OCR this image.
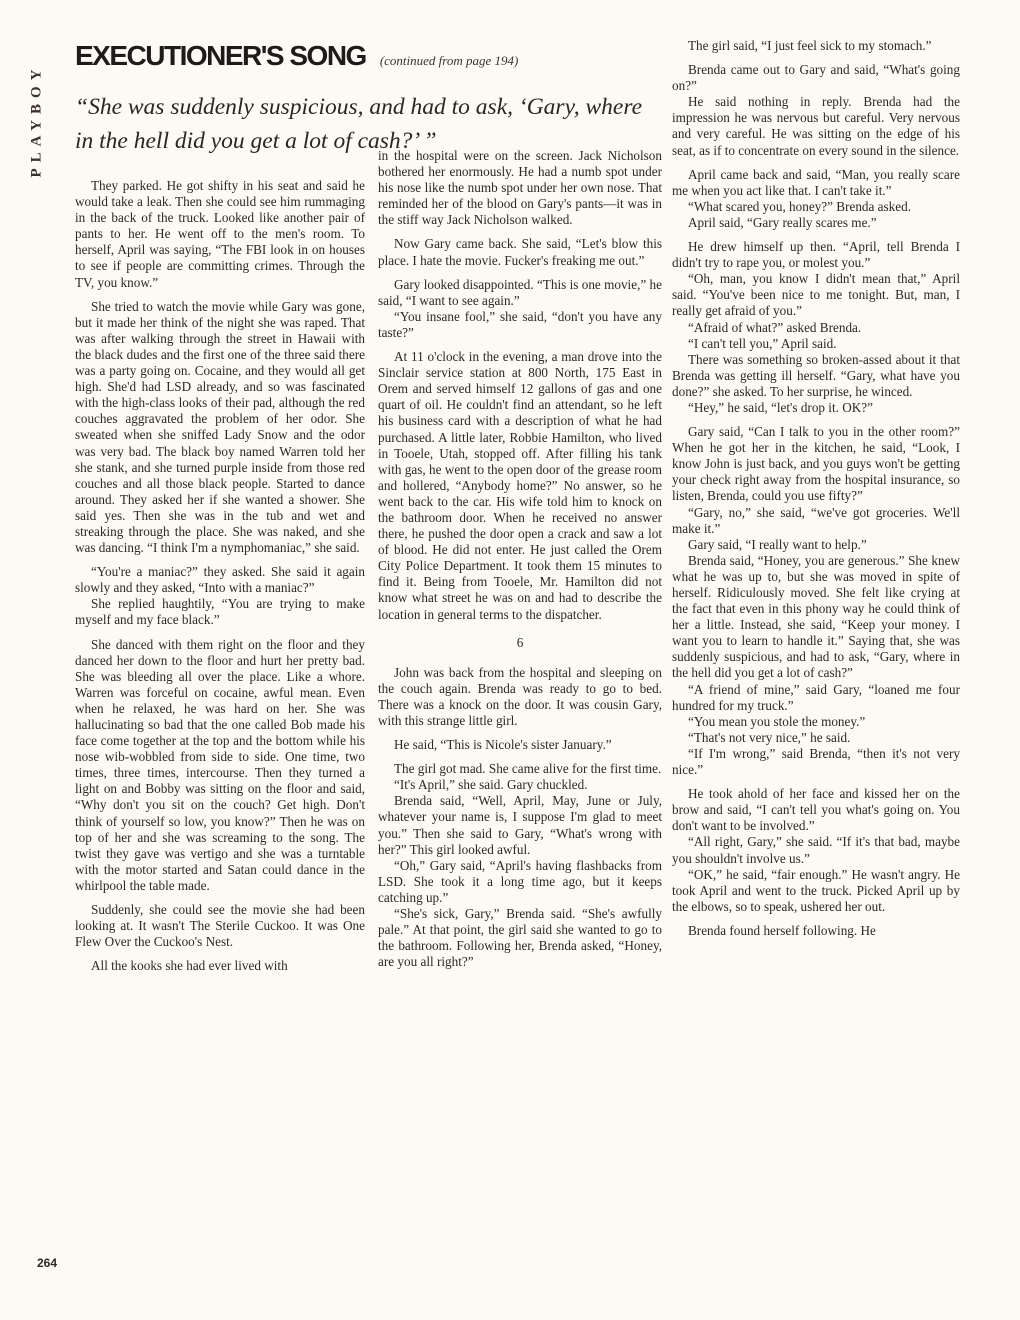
PLAYBOY
EXECUTIONER'S SONG (continued from page 194)
“She was suddenly suspicious, and had to ask, ‘Gary, where in the hell did you get a lot of cash?’ ”

They parked. He got shifty in his seat and said he would take a leak. Then she could see him rummaging in the back of the truck. Looked like another pair of pants to her. He went off to the men's room. To herself, April was saying, “The FBI look in on houses to see if people are committing crimes. Through the TV, you know.”

She tried to watch the movie while Gary was gone, but it made her think of the night she was raped. That was after walking through the street in Hawaii with the black dudes and the first one of the three said there was a party going on. Cocaine, and they would all get high. She'd had LSD already, and so was fascinated with the high-class looks of their pad, although the red couches aggravated the problem of her odor. She sweated when she sniffed Lady Snow and the odor was very bad. The black boy named Warren told her she stank, and she turned purple inside from those red couches and all those black people. Started to dance around. They asked her if she wanted a shower. She said yes. Then she was in the tub and wet and streaking through the place. She was naked, and she was dancing. “I think I'm a nymphomaniac,” she said.

“You're a maniac?” they asked. She said it again slowly and they asked, “Into with a maniac?”

She replied haughtily, “You are trying to make myself and my face black.”

She danced with them right on the floor and they danced her down to the floor and hurt her pretty bad. She was bleeding all over the place. Like a whore. Warren was forceful on cocaine, awful mean. Even when he relaxed, he was hard on her. She was hallucinating so bad that the one called Bob made his face come together at the top and the bottom while his nose wib-wobbled from side to side. One time, two times, three times, intercourse. Then they turned a light on and Bobby was sitting on the floor and said, “Why don't you sit on the couch? Get high. Don't think of yourself so low, you know?” Then he was on top of her and she was screaming to the song. The twist they gave was vertigo and she was a turntable with the motor started and Satan could dance in the whirlpool the table made.

Suddenly, she could see the movie she had been looking at. It wasn't The Sterile Cuckoo. It was One Flew Over the Cuckoo's Nest.

All the kooks she had ever lived with

in the hospital were on the screen. Jack Nicholson bothered her enormously. He had a numb spot under his nose like the numb spot under her own nose. That reminded her of the blood on Gary's pants—it was in the stiff way Jack Nicholson walked.

Now Gary came back. She said, “Let's blow this place. I hate the movie. Fucker's freaking me out.”

Gary looked disappointed. “This is one movie,” he said, “I want to see again.”

“You insane fool,” she said, “don't you have any taste?”

At 11 o'clock in the evening, a man drove into the Sinclair service station at 800 North, 175 East in Orem and served himself 12 gallons of gas and one quart of oil. He couldn't find an attendant, so he left his business card with a description of what he had purchased. A little later, Robbie Hamilton, who lived in Tooele, Utah, stopped off. After filling his tank with gas, he went to the open door of the grease room and hollered, “Anybody home?” No answer, so he went back to the car. His wife told him to knock on the bathroom door. When he received no answer there, he pushed the door open a crack and saw a lot of blood. He did not enter. He just called the Orem City Police Department. It took them 15 minutes to find it. Being from Tooele, Mr. Hamilton did not know what street he was on and had to describe the location in general terms to the dispatcher.

6

John was back from the hospital and sleeping on the couch again. Brenda was ready to go to bed. There was a knock on the door. It was cousin Gary, with this strange little girl.

He said, “This is Nicole's sister January.”

The girl got mad. She came alive for the first time.

“It's April,” she said. Gary chuckled.

Brenda said, “Well, April, May, June or July, whatever your name is, I suppose I'm glad to meet you.” Then she said to Gary, “What's wrong with her?” This girl looked awful.

“Oh,” Gary said, “April's having flashbacks from LSD. She took it a long time ago, but it keeps catching up.”

“She's sick, Gary,” Brenda said. “She's awfully pale.” At that point, the girl said she wanted to go to the bathroom. Following her, Brenda asked, “Honey, are you all right?”

The girl said, “I just feel sick to my stomach.”

Brenda came out to Gary and said, “What's going on?”

He said nothing in reply. Brenda had the impression he was nervous but careful. Very nervous and very careful. He was sitting on the edge of his seat, as if to concentrate on every sound in the silence.

April came back and said, “Man, you really scare me when you act like that. I can't take it.”

“What scared you, honey?” Brenda asked.

April said, “Gary really scares me.”

He drew himself up then. “April, tell Brenda I didn't try to rape you, or molest you.”

“Oh, man, you know I didn't mean that,” April said. “You've been nice to me tonight. But, man, I really get afraid of you.”

“Afraid of what?” asked Brenda.

“I can't tell you,” April said.

There was something so broken-assed about it that Brenda was getting ill herself. “Gary, what have you done?” she asked. To her surprise, he winced.

“Hey,” he said, “let's drop it. OK?”

Gary said, “Can I talk to you in the other room?” When he got her in the kitchen, he said, “Look, I know John is just back, and you guys won't be getting your check right away from the hospital insurance, so listen, Brenda, could you use fifty?”

“Gary, no,” she said, “we've got groceries. We'll make it.”

Gary said, “I really want to help.”

Brenda said, “Honey, you are generous.” She knew what he was up to, but she was moved in spite of herself. Ridiculously moved. She felt like crying at the fact that even in this phony way he could think of her a little. Instead, she said, “Keep your money. I want you to learn to handle it.” Saying that, she was suddenly suspicious, and had to ask, “Gary, where in the hell did you get a lot of cash?”

“A friend of mine,” said Gary, “loaned me four hundred for my truck.”

“You mean you stole the money.”

“That's not very nice,” he said.

“If I'm wrong,” said Brenda, “then it's not very nice.”

He took ahold of her face and kissed her on the brow and said, “I can't tell you what's going on. You don't want to be involved.”

“All right, Gary,” she said. “If it's that bad, maybe you shouldn't involve us.”

“OK,” he said, “fair enough.” He wasn't angry. He took April and went to the truck. Picked April up by the elbows, so to speak, ushered her out.

Brenda found herself following. He

264
